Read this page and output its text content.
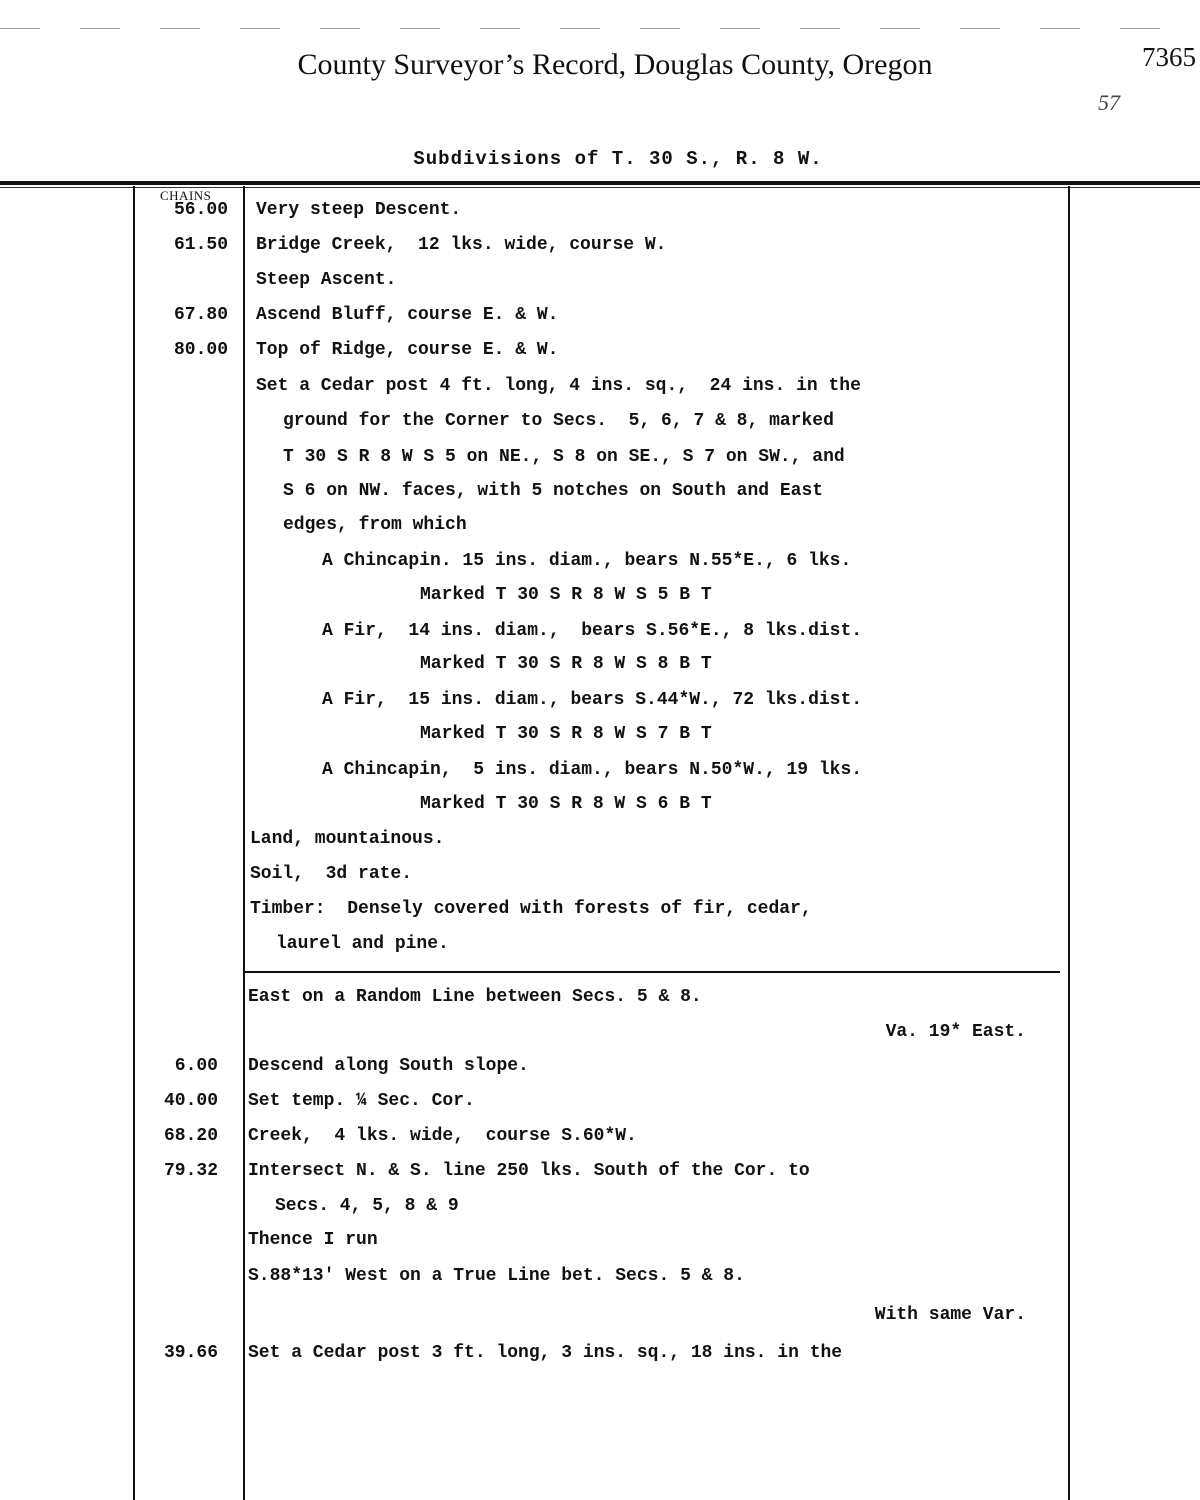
County Surveyor’s Record, Douglas County, Oregon	7365
57
Subdivisions of T. 30 S., R. 8 W.
CHAINS
56.00 Very steep Descent.
61.50 Bridge Creek,  12 lks. wide, course W.
Steep Ascent.
67.80 Ascend Bluff, course E. & W.
80.00 Top of Ridge, course E. & W.
Set a Cedar post 4 ft. long, 4 ins. sq.,  24 ins. in the
ground for the Corner to Secs.  5, 6, 7 & 8, marked
T 30 S R 8 W S 5 on NE., S 8 on SE., S 7 on SW., and
S 6 on NW. faces, with 5 notches on South and East
edges, from which
A Chincapin. 15 ins. diam., bears N.55*E., 6 lks.
Marked T 30 S R 8 W S 5 B T
A Fir,  14 ins. diam.,  bears S.56*E., 8 lks.dist.
Marked T 30 S R 8 W S 8 B T
A Fir,  15 ins. diam., bears S.44*W., 72 lks.dist.
Marked T 30 S R 8 W S 7 B T
A Chincapin,  5 ins. diam., bears N.50*W., 19 lks.
Marked T 30 S R 8 W S 6 B T
Land, mountainous.
Soil,  3d rate.
Timber:  Densely covered with forests of fir, cedar,
laurel and pine.
East on a Random Line between Secs. 5 & 8.
Va. 19* East.
6.00 Descend along South slope.
40.00 Set temp. ¼ Sec. Cor.
68.20 Creek,  4 lks. wide,  course S.60*W.
79.32 Intersect N. & S. line 250 lks. South of the Cor. to
Secs. 4, 5, 8 & 9
Thence I run
S.88*13' West on a True Line bet. Secs. 5 & 8.
With same Var.
39.66 Set a Cedar post 3 ft. long, 3 ins. sq., 18 ins. in the
